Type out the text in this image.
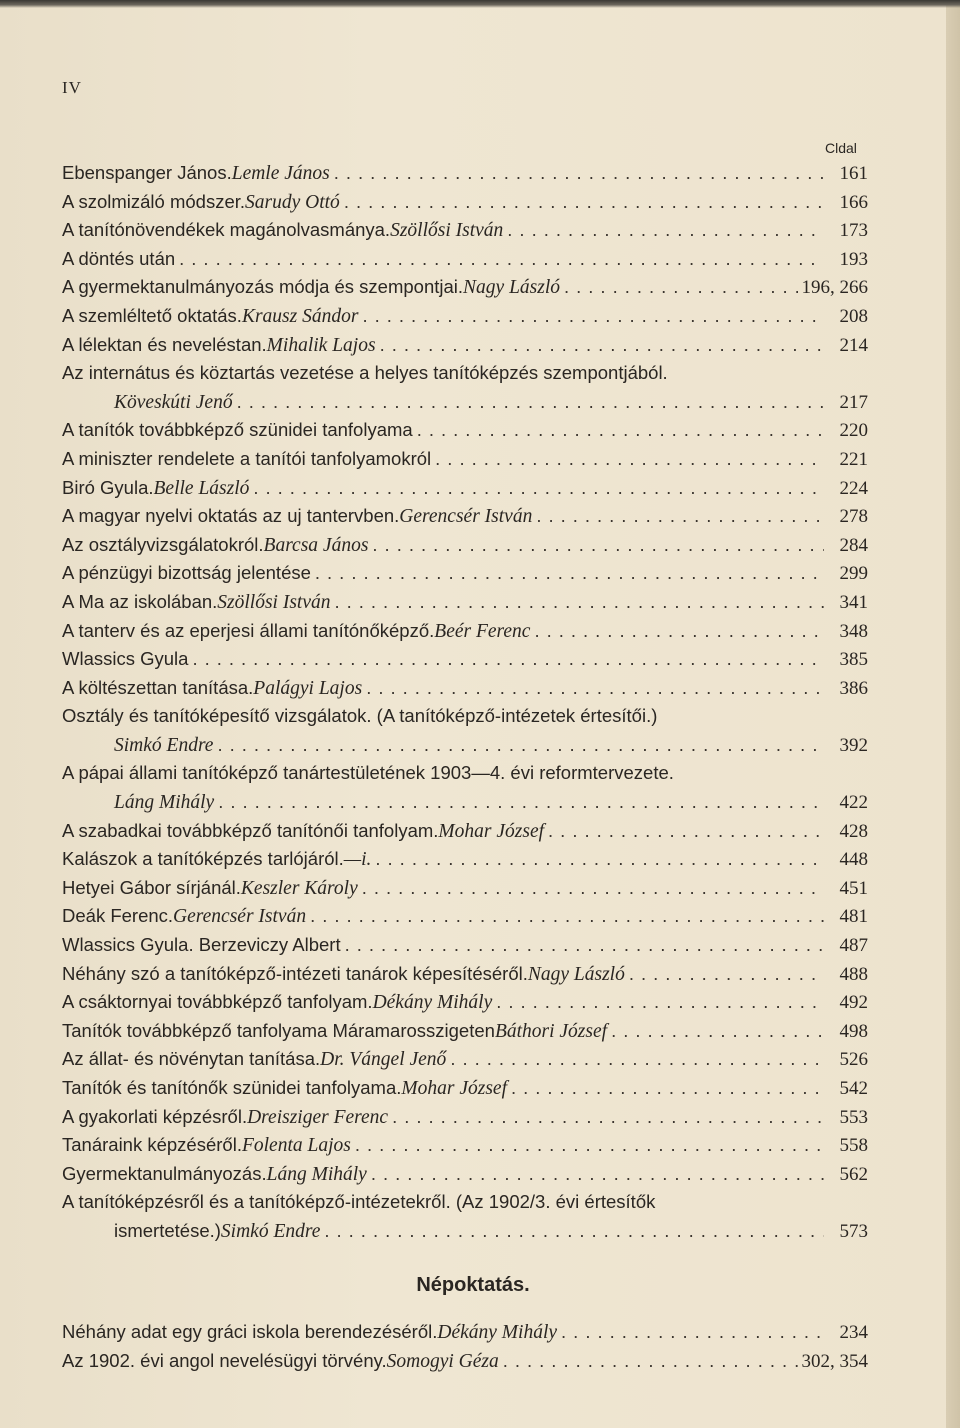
IV
Cldal
Ebenspanger János. Lemle János .....	161
A szolmizáló módszer. Sarudy Ottó .....	166
A tanítónövendékek magánolvasmánya. Szöllősi István .....	173
A döntés után .....	193
A gyermektanulmányozás módja és szempontjai. Nagy László .....	196, 266
A szemléltető oktatás. Krausz Sándor .....	208
A lélektan és neveléstan. Mihalik Lajos .....	214
Az internátus és köztartás vezetése a helyes tanítóképzés szempontjából.
Köveskúti Jenő .....	217
A tanítók továbbképző szünidei tanfolyama .....	220
A miniszter rendelete a tanítói tanfolyamokról .....	221
Biró Gyula. Belle László .....	224
A magyar nyelvi oktatás az uj tantervben. Gerencsér István .....	278
Az osztályvizsgálatokról. Barcsa János .....	284
A pénzügyi bizottság jelentése .....	299
A Ma az iskolában. Szöllősi István .....	341
A tanterv és az eperjesi állami tanítónőképző. Beér Ferenc .....	348
Wlassics Gyula .....	385
A költészettan tanítása. Palágyi Lajos .....	386
Osztály és tanítóképesítő vizsgálatok. (A tanítóképző-intézetek értesítői.)
Simkó Endre .....	392
A pápai állami tanítóképző tanártestületének 1903—4. évi reformtervezete.
Láng Mihály .....	422
A szabadkai továbbképző tanítónői tanfolyam. Mohar József .....	428
Kalászok a tanítóképzés tarlójáról. —i. .....	448
Hetyei Gábor sírjánál. Keszler Károly .....	451
Deák Ferenc. Gerencsér István .....	481
Wlassics Gyula. Berzeviczy Albert .....	487
Néhány szó a tanítóképző-intézeti tanárok képesítéséről. Nagy László .....	488
A csáktornyai továbbképző tanfolyam. Dékány Mihály .....	492
Tanítók továbbképző tanfolyama Máramarosszigeten Báthori József .....	498
Az állat- és növénytan tanítása. Dr. Vángel Jenő .....	526
Tanítók és tanítónők szünidei tanfolyama. Mohar József .....	542
A gyakorlati képzésről. Dreisziger Ferenc .....	553
Tanáraink képzéséről. Folenta Lajos .....	558
Gyermektanulmányozás. Láng Mihály .....	562
A tanítóképzésről és a tanítóképző-intézetekről. (Az 1902/3. évi értesítők
ismertetése.) Simkó Endre .....	573
Népoktatás.
Néhány adat egy gráci iskola berendezéséről. Dékány Mihály .....	234
Az 1902. évi angol nevelésügyi törvény. Somogyi Géza .....	302, 354
